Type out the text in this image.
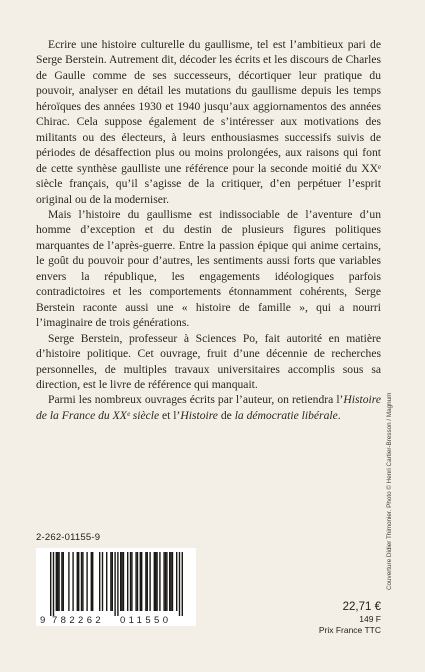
Ecrire une histoire culturelle du gaullisme, tel est l’ambitieux pari de Serge Berstein. Autrement dit, décoder les écrits et les discours de Charles de Gaulle comme de ses successeurs, décortiquer leur pratique du pouvoir, analyser en détail les mutations du gaullisme depuis les temps héroïques des années 1930 et 1940 jusqu’aux aggiornamentos des années Chirac. Cela suppose également de s’intéresser aux motivations des militants ou des électeurs, à leurs enthousiasmes successifs suivis de périodes de désaffection plus ou moins prolongées, aux raisons qui font de cette synthèse gaulliste une référence pour la seconde moitié du XXᵉ siècle français, qu’il s’agisse de la critiquer, d’en perpétuer l’esprit original ou de la moderniser.

Mais l’histoire du gaullisme est indissociable de l’aventure d’un homme d’exception et du destin de plusieurs figures politiques marquantes de l’après-guerre. Entre la passion épique qui anime certains, le goût du pouvoir pour d’autres, les sentiments aussi forts que variables envers la république, les engagements idéologiques parfois contradictoires et les comportements étonnamment cohérents, Serge Berstein raconte aussi une « histoire de famille », qui a nourri l’imaginaire de trois générations.

Serge Berstein, professeur à Sciences Po, fait autorité en matière d’histoire politique. Cet ouvrage, fruit d’une décennie de recherches personnelles, de multiples travaux universitaires accomplis sous sa direction, est le livre de référence qui manquait.

Parmi les nombreux ouvrages écrits par l’auteur, on retiendra l’Histoire de la France du XXᵉ siècle et l’Histoire de la démocratie libérale.	Couverture Didier Thimonier. Photo © Henri Cartier-Bresson / Magnum
2-262-01155-9
9 782262 011550
22,71 €
149 F
Prix France TTC
